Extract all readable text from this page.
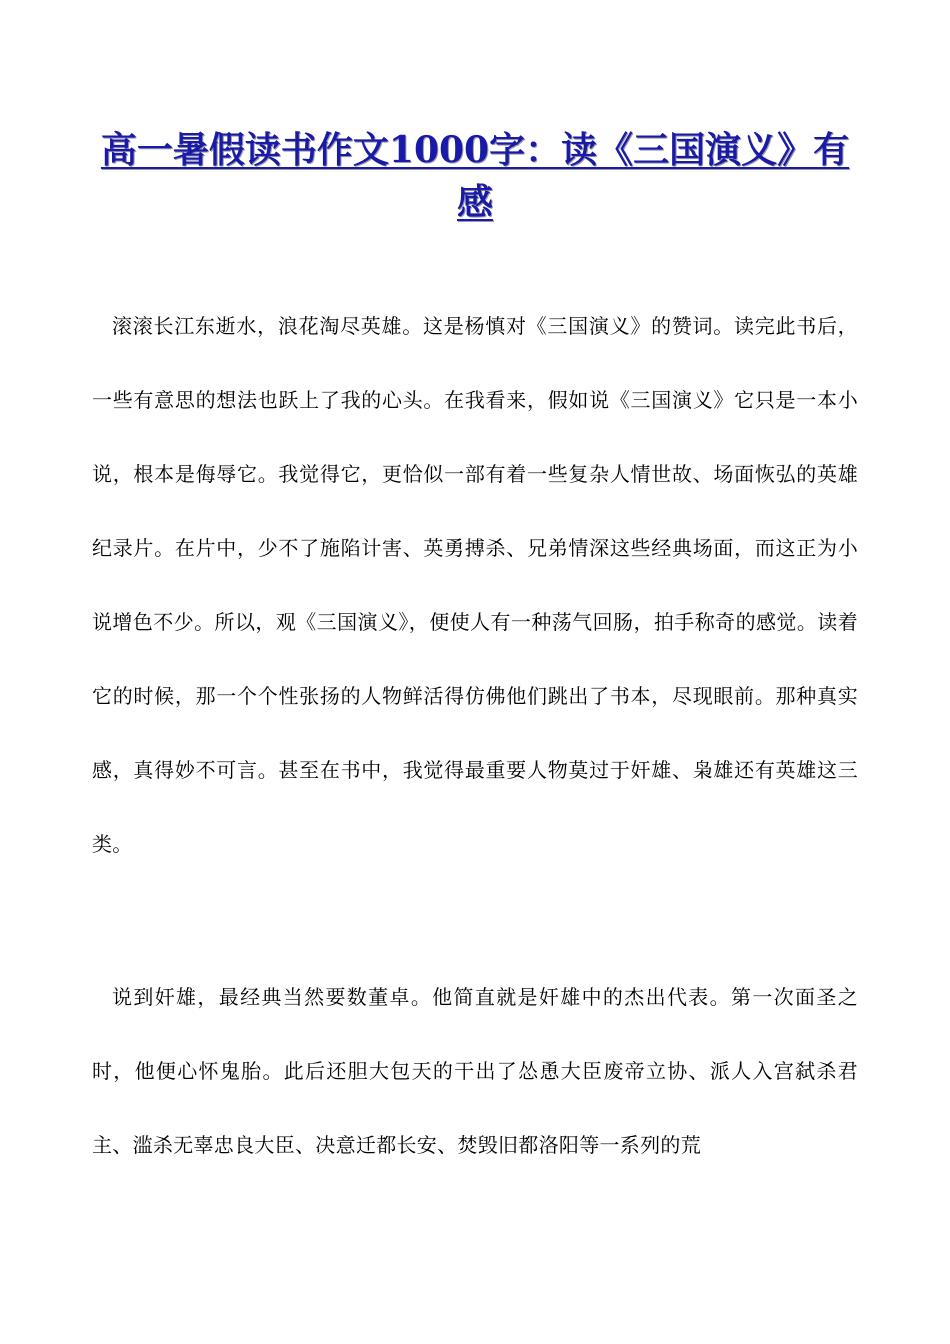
高一暑假读书作文1000字：读《三国演义》有感

滚滚长江东逝水，浪花淘尽英雄。这是杨慎对《三国演义》的赞词。读完此书后，一些有意思的想法也跃上了我的心头。在我看来，假如说《三国演义》它只是一本小说，根本是侮辱它。我觉得它，更恰似一部有着一些复杂人情世故、场面恢弘的英雄纪录片。在片中，少不了施陷计害、英勇搏杀、兄弟情深这些经典场面，而这正为小说增色不少。所以，观《三国演义》，便使人有一种荡气回肠，拍手称奇的感觉。读着它的时候，那一个个性张扬的人物鲜活得仿佛他们跳出了书本，尽现眼前。那种真实感，真得妙不可言。甚至在书中，我觉得最重要人物莫过于奸雄、枭雄还有英雄这三类。

说到奸雄，最经典当然要数董卓。他简直就是奸雄中的杰出代表。第一次面圣之时，他便心怀鬼胎。此后还胆大包天的干出了怂恿大臣废帝立协、派人入宫弑杀君主、滥杀无辜忠良大臣、决意迁都长安、焚毁旧都洛阳等一系列的荒
